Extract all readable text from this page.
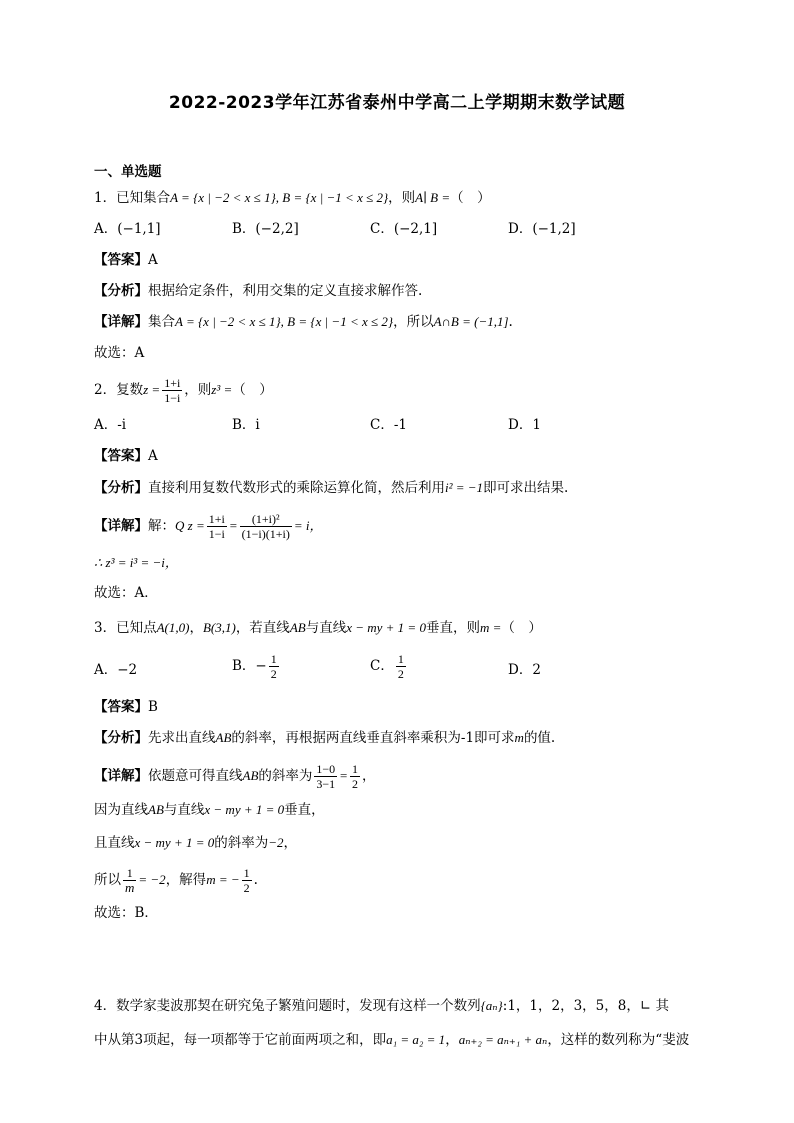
2022-2023学年江苏省泰州中学高二上学期期末数学试题
一、单选题
1．已知集合A = {x | −2 < x ≤ 1}, B = {x | −1 < x ≤ 2}，则A∣ B =（　）
A．(−1,1]	B．(−2,2]	C．(−2,1]	D．(−1,2]
【答案】A
【分析】根据给定条件，利用交集的定义直接求解作答.
【详解】集合A = {x | −2 < x ≤ 1}, B = {x | −1 < x ≤ 2}，所以A∩B = (−1,1].
故选：A
2．复数$z = \frac{1+i}{1-i}$ ，则z³ =（　）
A．-i	B．i	C．-1	D．1
【答案】A
【分析】直接利用复数代数形式的乘除运算化简，然后利用i² = −1即可求出结果.
【详解】解：Q $z = \frac{1+i}{1-i} = \frac{\text{(1+i)²}}{(1-i)(1+i)} = i$，
∴ z³ = i³ = −i，
故选：A．
3．已知点A(1,0)，B(3,1)，若直线AB与直线x − my + 1 = 0垂直，则m =（　）
A．−2	B．− $\frac{1}{2}$	C． $\frac{1}{2}$	D．2
【答案】B
【分析】先求出直线AB的斜率，再根据两直线垂直斜率乘积为-1即可求m的值.
【详解】依题意可得直线AB的斜率为 $\frac{1-0}{3-1} = \frac{1}{2}$ ，
因为直线AB与直线x − my + 1 = 0垂直，
且直线x − my + 1 = 0的斜率为−2，
所以 $\frac{1}{m} = -2$，解得m = − $\frac{1}{2}$ .
故选：B．
4．数学家斐波那契在研究兔子繁殖问题时，发现有这样一个数列{aₙ}:1，1，2，3，5，8，∟ 其
中从第3项起，每一项都等于它前面两项之和，即a₁ = a₂ = 1，aₙ₊₂ = aₙ₊₁ + aₙ，这样的数列称为“斐波
